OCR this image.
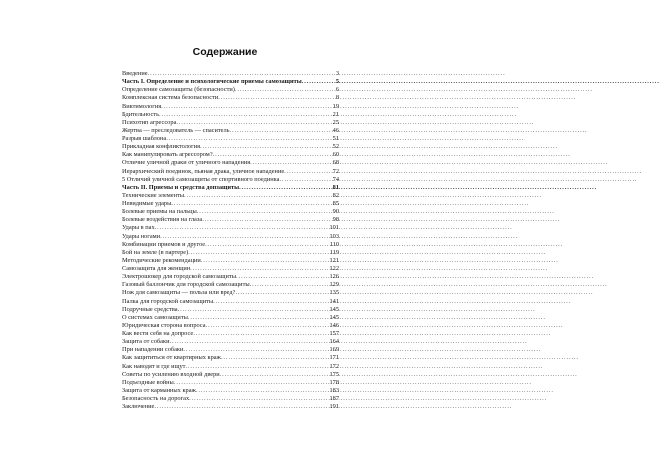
Содержание
Введение .....	3
Часть I. Определение и психологические приемы самозащиты .....	5
Определение самозащиты (безопасности) .....	6
Комплексная система безопасности .....	8
Виктимология .....	19
Бдительность .....	21
Психотип агрессора .....	25
Жертва — преследователь — спаситель .....	46
Разрыв шаблона .....	51
Прикладная конфликтология .....	52
Как манипулировать агрессором? .....	60
Отличие уличной драки от уличного нападения .....	68
Иерархический поединок, пьяная драка, уличное нападение .....	72
5 Отличий уличной самозащиты от спортивного поединка .....	74
Часть II. Приемы и средства допзащиты .....	81
Технические элементы .....	82
Невидимые удары .....	85
Болевые приемы на пальцы .....	90
Болевые воздействия на глаза .....	98
Удары в пах .....	101
Удары ногами .....	103
Комбинации приемов и другое .....	110
Бой на земле (в партере) .....	119
Методические рекомендации .....	121
Самозащита для женщин .....	122
Электрошокер для городской самозащиты .....	126
Газовый баллончик для городской самозащиты .....	129
Нож для самозащиты — польза или вред? .....	135
Палка для городской самозащиты .....	141
Подручные средства .....	145
О системах самозащиты .....	145
Юридическая сторона вопроса .....	146
Как вести себя на допросе .....	157
Защита от собаки .....	164
При нападении собаки .....	169
Как защититься от квартирных краж .....	171
Как наводят и где ищут .....	172
Советы по усилению входной двери .....	175
Подъездные войны .....	178
Защита от карманных краж .....	183
Безопасность на дорогах .....	187
Заключение .....	191
